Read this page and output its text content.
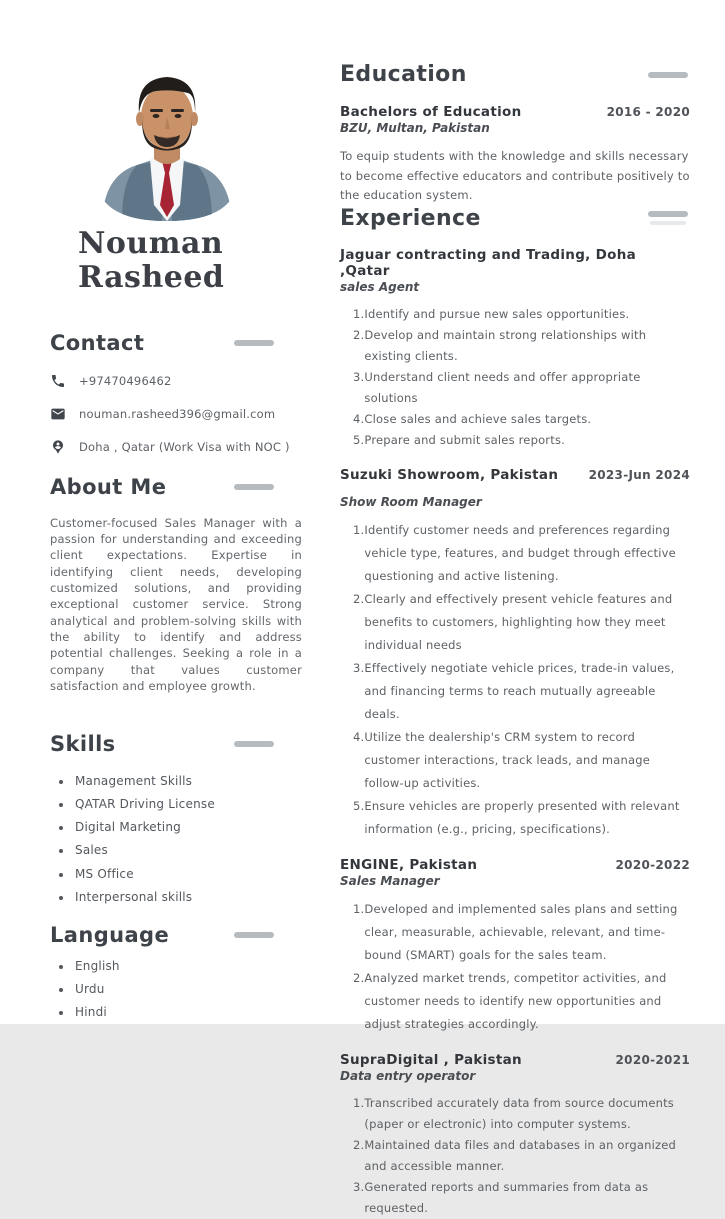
Nouman
Rasheed
Contact
+97470496462
nouman.rasheed396@gmail.com
Doha , Qatar (Work Visa with NOC )
About Me
Customer-focused Sales Manager with a passion for understanding and exceeding client expectations. Expertise in identifying client needs, developing customized solutions, and providing exceptional customer service. Strong analytical and problem-solving skills with the ability to identify and address potential challenges. Seeking a role in a company that values customer satisfaction and employee growth.
Skills
• Management Skills
• QATAR Driving License
• Digital Marketing
• Sales
• MS Office
• Interpersonal skills
Language
• English
• Urdu
• Hindi
Education
Bachelors of Education	2016 - 2020
BZU, Multan, Pakistan
To equip students with the knowledge and skills necessary to become effective educators and contribute positively to the education system.
Experience
Jaguar contracting and Trading, Doha ,Qatar
sales Agent
Identify and pursue new sales opportunities.
Develop and maintain strong relationships with existing clients.
Understand client needs and offer appropriate solutions
Close sales and achieve sales targets.
Prepare and submit sales reports.
Suzuki Showroom, Pakistan	2023-Jun 2024
Show Room Manager
Identify customer needs and preferences regarding vehicle type, features, and budget through effective questioning and active listening.
Clearly and effectively present vehicle features and benefits to customers, highlighting how they meet individual needs
Effectively negotiate vehicle prices, trade-in values, and financing terms to reach mutually agreeable deals.
Utilize the dealership's CRM system to record customer interactions, track leads, and manage follow-up activities.
Ensure vehicles are properly presented with relevant information (e.g., pricing, specifications).
ENGINE, Pakistan	2020-2022
Sales Manager
Developed and implemented sales plans and setting clear, measurable, achievable, relevant, and time-bound (SMART) goals for the sales team.
Analyzed market trends, competitor activities, and customer needs to identify new opportunities and adjust strategies accordingly.
SupraDigital , Pakistan	2020-2021
Data entry operator
Transcribed accurately data from source documents (paper or electronic) into computer systems.
Maintained data files and databases in an organized and accessible manner.
Generated reports and summaries from data as requested.
